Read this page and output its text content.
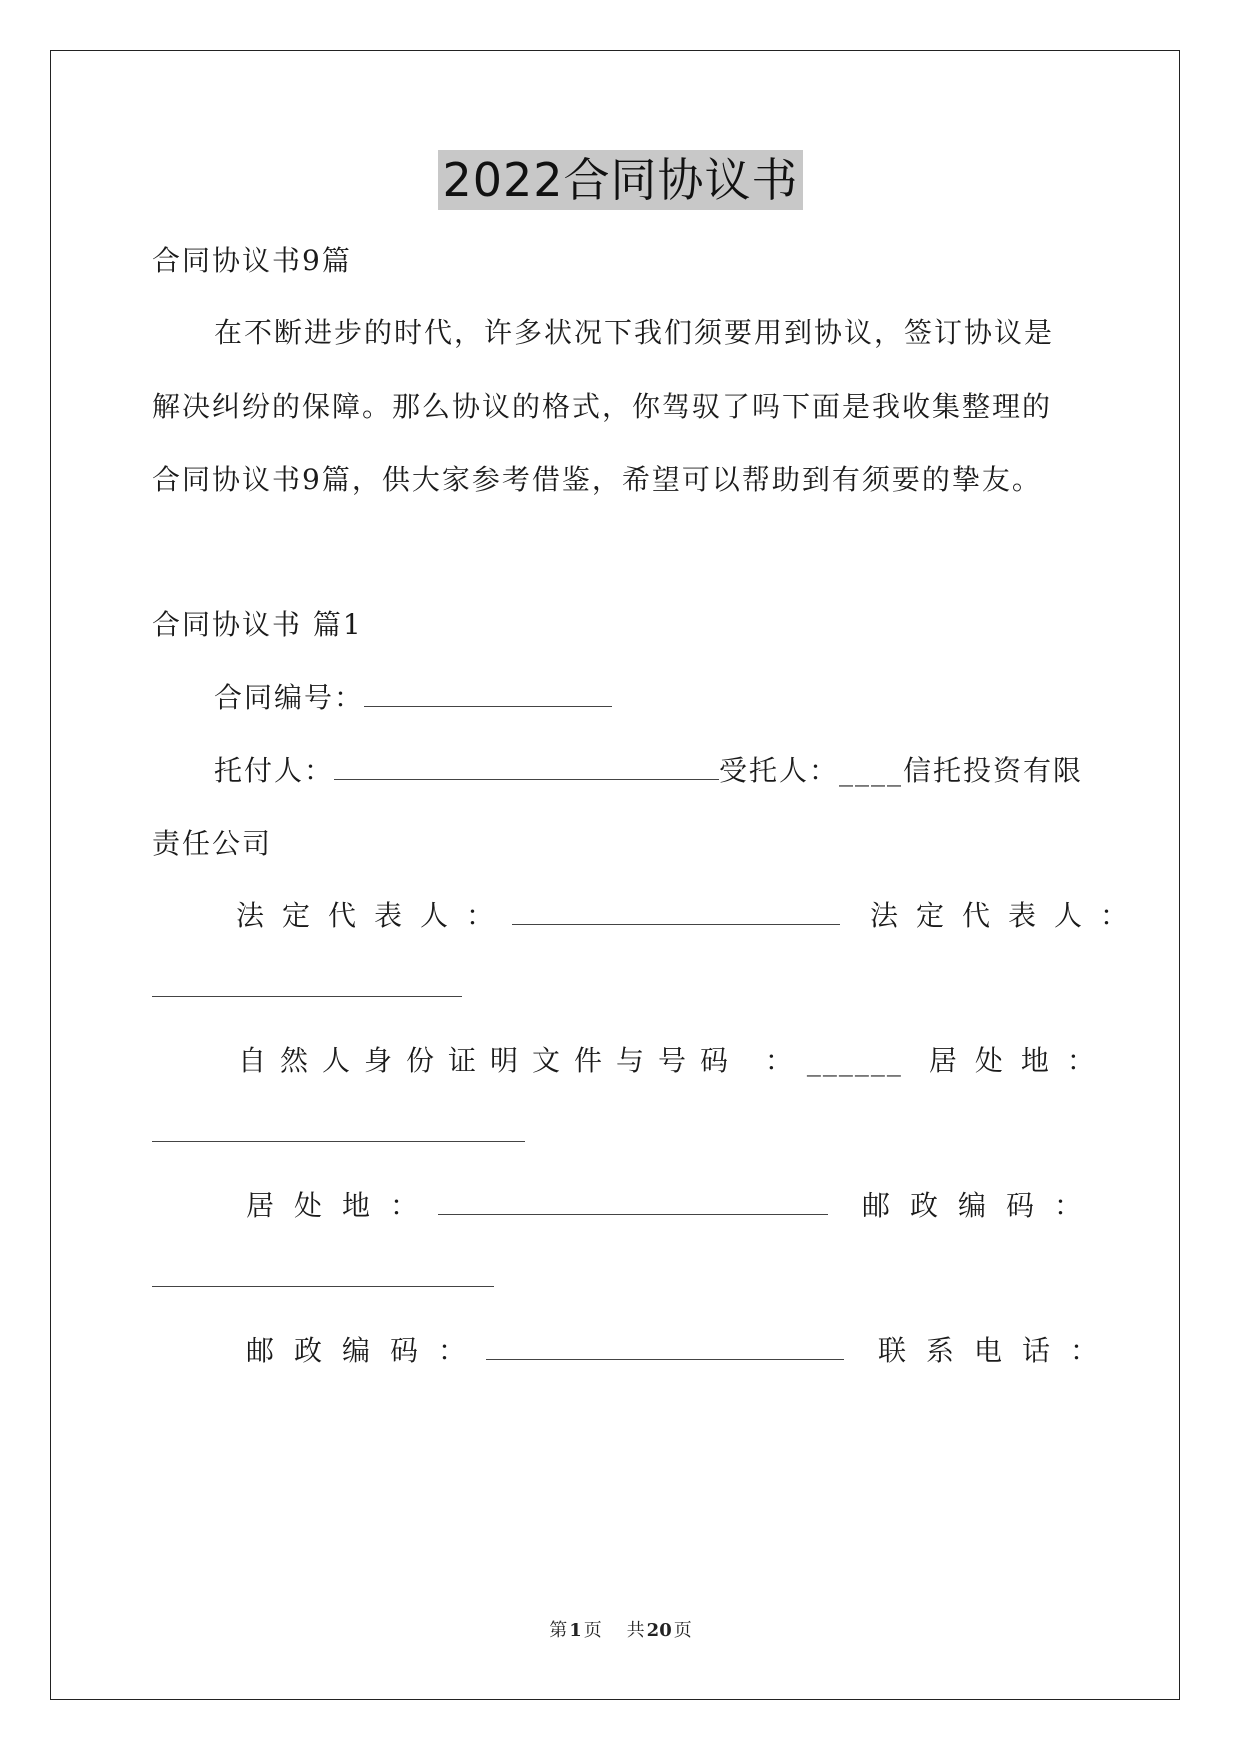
2022合同协议书
合同协议书9篇
在不断进步的时代，许多状况下我们须要用到协议，签订协议是
解决纠纷的保障。那么协议的格式，你驾驭了吗下面是我收集整理的
合同协议书9篇，供大家参考借鉴，希望可以帮助到有须要的挚友。
合同协议书 篇1
合同编号：
托付人：	受托人：____信托投资有限
责任公司
法定代表人：	法定代表人：
自然人身份证明文件与号码 ：______ 居处地：
居处地：	邮政编码：
邮政编码：	联系电话：
第 1 页 共 20 页
